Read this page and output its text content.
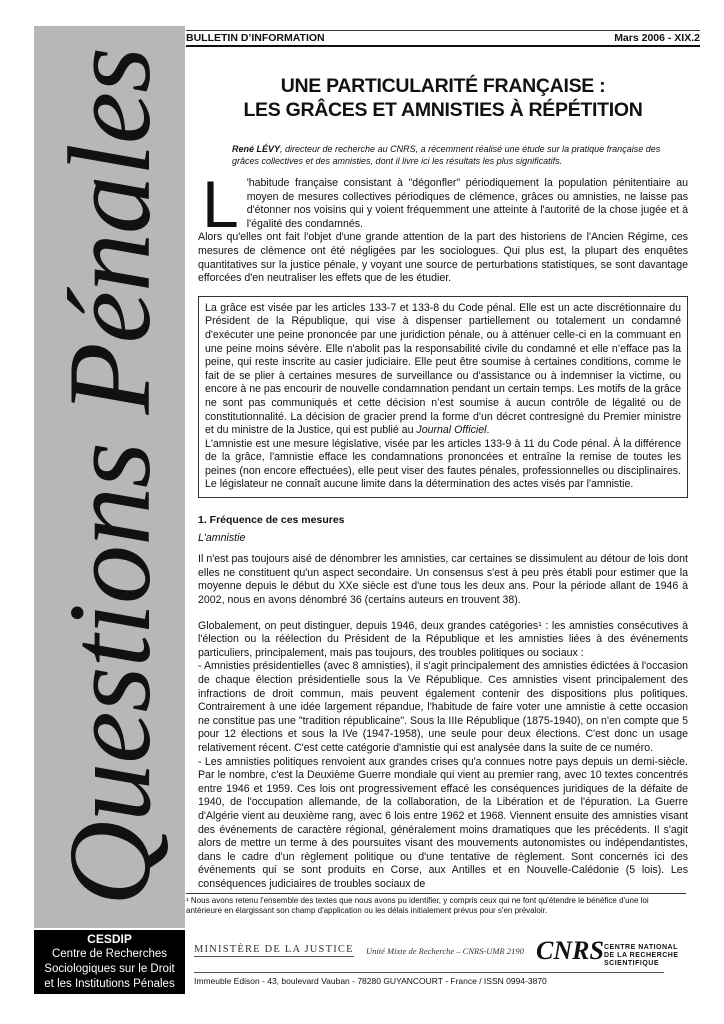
Questions Pénales
CESDIP
Centre de Recherches
Sociologiques sur le Droit
et les Institutions Pénales
BULLETIN D’INFORMATION	Mars 2006 - XIX.2
UNE PARTICULARITÉ FRANÇAISE :
LES GRÂCES ET AMNISTIES À RÉPÉTITION
René LÉVY, directeur de recherche au CNRS, a récemment réalisé une étude sur la pratique française des grâces collectives et des amnisties, dont il livre ici les résultats les plus significatifs.
L 'habitude française consistant à "dégonfler" périodiquement la population pénitentiaire au moyen de mesures collectives périodiques de clémence, grâces ou amnisties, ne laisse pas d'étonner nos voisins qui y voient fréquemment une atteinte à l'autorité de la chose jugée et à l'égalité des condamnés.

Alors qu'elles ont fait l'objet d'une grande attention de la part des historiens de l'Ancien Régime, ces mesures de clémence ont été négligées par les sociologues. Qui plus est, la plupart des enquêtes quantitatives sur la justice pénale, y voyant une source de perturbations statistiques, se sont davantage efforcées d'en neutraliser les effets que de les étudier.

La grâce est visée par les articles 133-7 et 133-8 du Code pénal. Elle est un acte discrétionnaire du Président de la République, qui vise à dispenser partiellement ou totalement un condamné d'exécuter une peine prononcée par une juridiction pénale, ou à atténuer celle-ci en la commuant en une peine moins sévère. Elle n'abolit pas la responsabilité civile du condamné et elle n’efface pas la peine, qui reste inscrite au casier judiciaire. Elle peut être soumise à certaines conditions, comme le fait de se plier à certaines mesures de surveillance ou d'assistance ou à indemniser la victime, ou encore à ne pas encourir de nouvelle condamnation pendant un certain temps. Les motifs de la grâce ne sont pas communiqués et cette décision n’est soumise à aucun contrôle de légalité ou de constitutionnalité. La décision de gracier prend la forme d'un décret contresigné du Premier ministre et du ministre de la Justice, qui est publié au Journal Officiel.

L'amnistie est une mesure législative, visée par les articles 133-9 à 11 du Code pénal. À la différence de la grâce, l'amnistie efface les condamnations prononcées et entraîne la remise de toutes les peines (non encore effectuées), elle peut viser des fautes pénales, professionnelles ou disciplinaires. Le législateur ne connaît aucune limite dans la détermination des actes visés par l'amnistie.

1. Fréquence de ces mesures
L'amnistie

Il n'est pas toujours aisé de dénombrer les amnisties, car certaines se dissimulent au détour de lois dont elles ne constituent qu'un aspect secondaire. Un consensus s'est à peu près établi pour estimer que la moyenne depuis le début du XXe siècle est d'une tous les deux ans. Pour la période allant de 1946 à 2002, nous en avons dénombré 36 (certains auteurs en trouvent 38).

Globalement, on peut distinguer, depuis 1946, deux grandes catégories¹ : les amnisties consécutives à l'élection ou la réélection du Président de la République et les amnisties liées à des événements particuliers, principalement, mais pas toujours, des troubles politiques ou sociaux :

- Amnisties présidentielles (avec 8 amnisties), il s'agit principalement des amnisties édictées à l'occasion de chaque élection présidentielle sous la Ve République. Ces amnisties visent principalement des infractions de droit commun, mais peuvent également contenir des dispositions plus politiques. Contrairement à une idée largement répandue, l'habitude de faire voter une amnistie à cette occasion ne constitue pas une "tradition républicaine". Sous la IIIe République (1875-1940), on n'en compte que 5 pour 12 élections et sous la IVe (1947-1958), une seule pour deux élections. C'est donc un usage relativement récent. C'est cette catégorie d'amnistie qui est analysée dans la suite de ce numéro.

- Les amnisties politiques renvoient aux grandes crises qu'a connues notre pays depuis un demi-siècle. Par le nombre, c'est la Deuxième Guerre mondiale qui vient au premier rang, avec 10 textes concentrés entre 1946 et 1959. Ces lois ont progressivement effacé les conséquences juridiques de la défaite de 1940, de l'occupation allemande, de la collaboration, de la Libération et de l'épuration. La Guerre d'Algérie vient au deuxième rang, avec 6 lois entre 1962 et 1968. Viennent ensuite des amnisties visant des événements de caractère régional, généralement moins dramatiques que les précédents. Il s'agit alors de mettre un terme à des poursuites visant des mouvements autonomistes ou indépendantistes, dans le cadre d'un règlement politique ou d'une tentative de règlement. Sont concernés ici des événements qui se sont produits en Corse, aux Antilles et en Nouvelle-Calédonie (5 lois). Les conséquences judiciaires de troubles sociaux de

¹ Nous avons retenu l'ensemble des textes que nous avons pu identifier, y compris ceux qui ne font qu'étendre le bénéfice d'une loi antérieure en élargissant son champ d'application ou les délais initialement prévus pour s'en prévaloir.
MINISTÈRE DE LA JUSTICE Unité Mixte de Recherche – CNRS-UMR 2190 CNRS CENTRE NATIONAL
DE LA RECHERCHE
SCIENTIFIQUE
Immeuble Edison - 43, boulevard Vauban - 78280 GUYANCOURT - France / ISSN 0994-3870
